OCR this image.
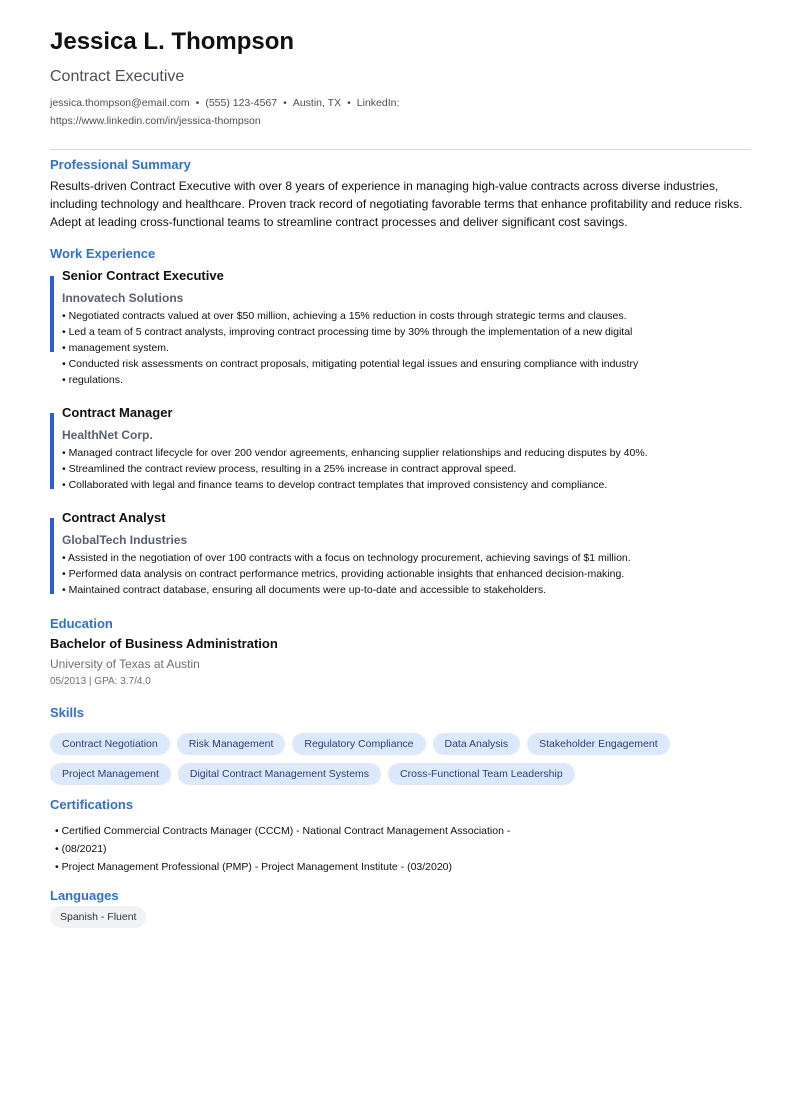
Jessica L. Thompson
Contract Executive
jessica.thompson@email.com • (555) 123-4567 • Austin, TX • LinkedIn: https://www.linkedin.com/in/jessica-thompson
Professional Summary
Results-driven Contract Executive with over 8 years of experience in managing high-value contracts across diverse industries, including technology and healthcare. Proven track record of negotiating favorable terms that enhance profitability and reduce risks. Adept at leading cross-functional teams to streamline contract processes and deliver significant cost savings.
Work Experience
Senior Contract Executive
Innovatech Solutions
• Negotiated contracts valued at over $50 million, achieving a 15% reduction in costs through strategic terms and clauses.
• Led a team of 5 contract analysts, improving contract processing time by 30% through the implementation of a new digital
• management system.
• Conducted risk assessments on contract proposals, mitigating potential legal issues and ensuring compliance with industry
• regulations.
Contract Manager
HealthNet Corp.
• Managed contract lifecycle for over 200 vendor agreements, enhancing supplier relationships and reducing disputes by 40%.
• Streamlined the contract review process, resulting in a 25% increase in contract approval speed.
• Collaborated with legal and finance teams to develop contract templates that improved consistency and compliance.
Contract Analyst
GlobalTech Industries
• Assisted in the negotiation of over 100 contracts with a focus on technology procurement, achieving savings of $1 million.
• Performed data analysis on contract performance metrics, providing actionable insights that enhanced decision-making.
• Maintained contract database, ensuring all documents were up-to-date and accessible to stakeholders.
Education
Bachelor of Business Administration
University of Texas at Austin
05/2013 | GPA: 3.7/4.0
Skills
Contract Negotiation	Risk Management	Regulatory Compliance	Data Analysis	Stakeholder Engagement
Project Management	Digital Contract Management Systems	Cross-Functional Team Leadership
Certifications
• Certified Commercial Contracts Manager (CCCM) - National Contract Management Association -
• (08/2021)
• Project Management Professional (PMP) - Project Management Institute - (03/2020)
Languages
Spanish - Fluent
